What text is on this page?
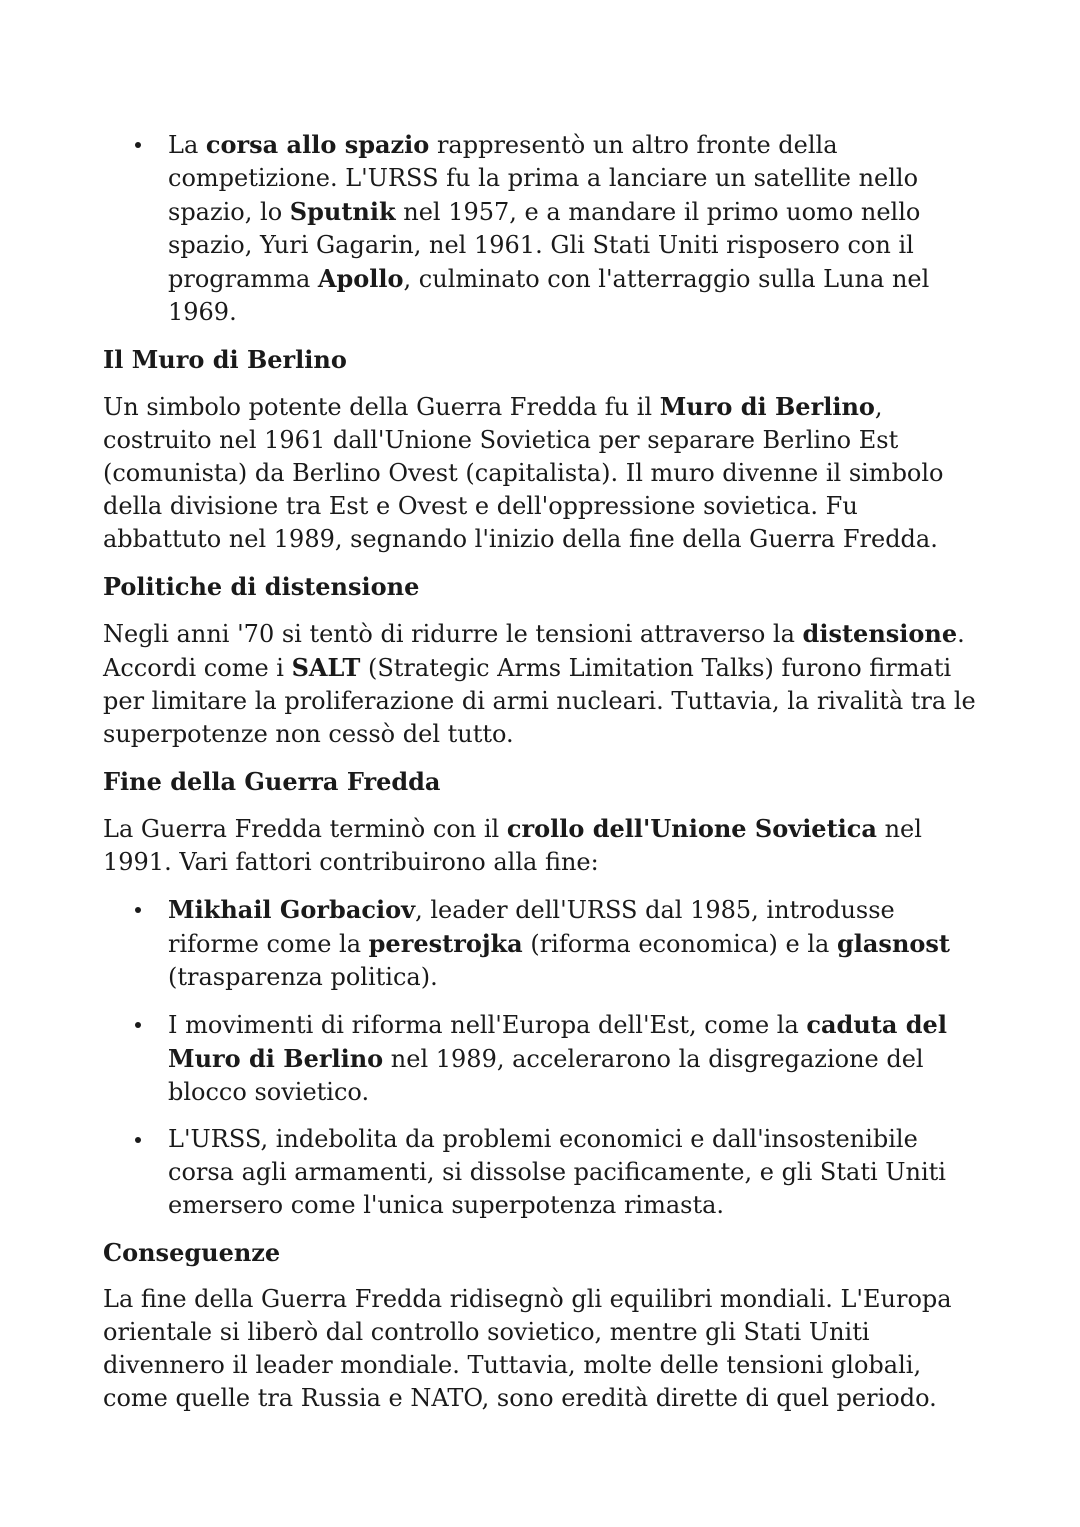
La corsa allo spazio rappresentò un altro fronte della competizione. L'URSS fu la prima a lanciare un satellite nello spazio, lo Sputnik nel 1957, e a mandare il primo uomo nello spazio, Yuri Gagarin, nel 1961. Gli Stati Uniti risposero con il programma Apollo, culminato con l'atterraggio sulla Luna nel 1969.
Il Muro di Berlino

Un simbolo potente della Guerra Fredda fu il Muro di Berlino, costruito nel 1961 dall'Unione Sovietica per separare Berlino Est (comunista) da Berlino Ovest (capitalista). Il muro divenne il simbolo della divisione tra Est e Ovest e dell'oppressione sovietica. Fu abbattuto nel 1989, segnando l'inizio della fine della Guerra Fredda.

Politiche di distensione

Negli anni '70 si tentò di ridurre le tensioni attraverso la distensione. Accordi come i SALT (Strategic Arms Limitation Talks) furono firmati per limitare la proliferazione di armi nucleari. Tuttavia, la rivalità tra le superpotenze non cessò del tutto.

Fine della Guerra Fredda

La Guerra Fredda terminò con il crollo dell'Unione Sovietica nel 1991. Vari fattori contribuirono alla fine:

Mikhail Gorbaciov, leader dell'URSS dal 1985, introdusse riforme come la perestrojka (riforma economica) e la glasnost (trasparenza politica).
I movimenti di riforma nell'Europa dell'Est, come la caduta del Muro di Berlino nel 1989, accelerarono la disgregazione del blocco sovietico.
L'URSS, indebolita da problemi economici e dall'insostenibile corsa agli armamenti, si dissolse pacificamente, e gli Stati Uniti emersero come l'unica superpotenza rimasta.
Conseguenze

La fine della Guerra Fredda ridisegnò gli equilibri mondiali. L'Europa orientale si liberò dal controllo sovietico, mentre gli Stati Uniti divennero il leader mondiale. Tuttavia, molte delle tensioni globali, come quelle tra Russia e NATO, sono eredità dirette di quel periodo.
